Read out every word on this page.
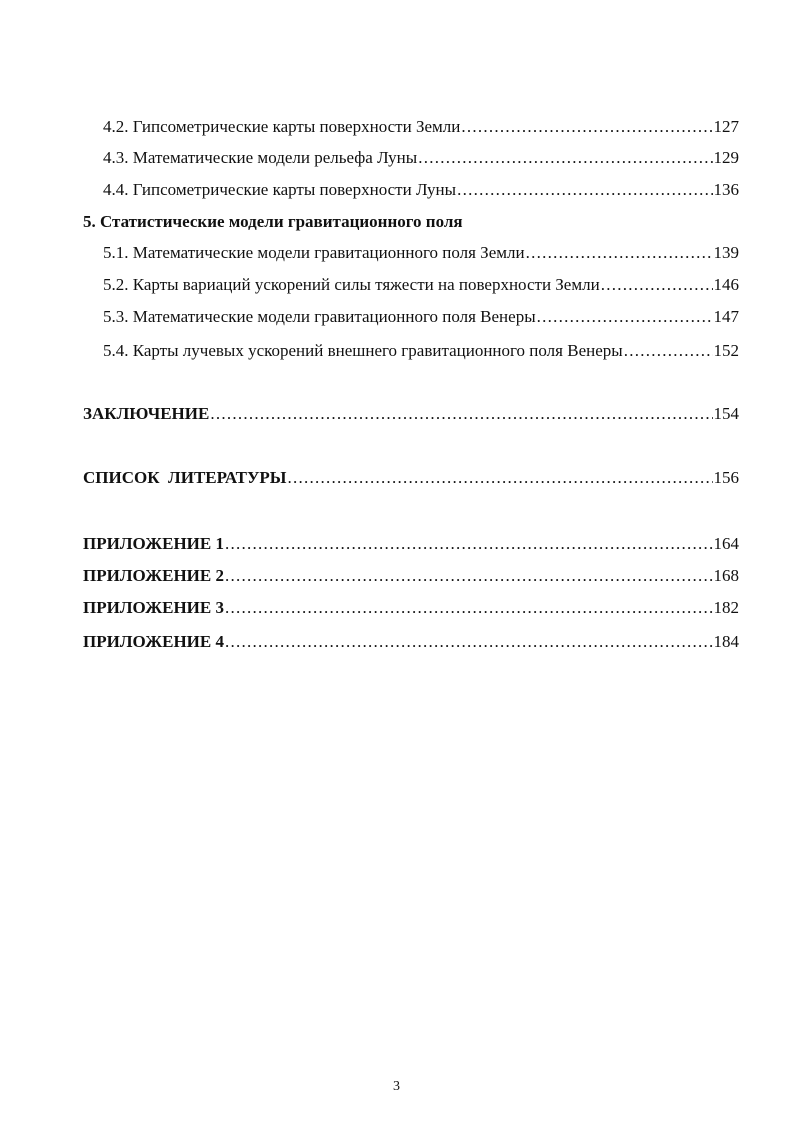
4.2. Гипсометрические карты поверхности Земли . . .	127
4.3. Математические модели рельефа Луны . . .	129
4.4. Гипсометрические карты поверхности Луны . . .	136
5. Статистические модели гравитационного поля
5.1. Математические модели гравитационного поля Земли . . .	139
5.2. Карты вариаций ускорений силы тяжести на поверхности Земли . . .	146
5.3. Математические модели гравитационного поля Венеры . . .	147
5.4. Карты лучевых ускорений внешнего гравитационного поля Венеры . . .	152
ЗАКЛЮЧЕНИЕ . . .	154
СПИСОК  ЛИТЕРАТУРЫ . . .	156
ПРИЛОЖЕНИЕ 1 . . .	164
ПРИЛОЖЕНИЕ 2 . . .	168
ПРИЛОЖЕНИЕ 3 . . .	182
ПРИЛОЖЕНИЕ 4 . . .	184
3
